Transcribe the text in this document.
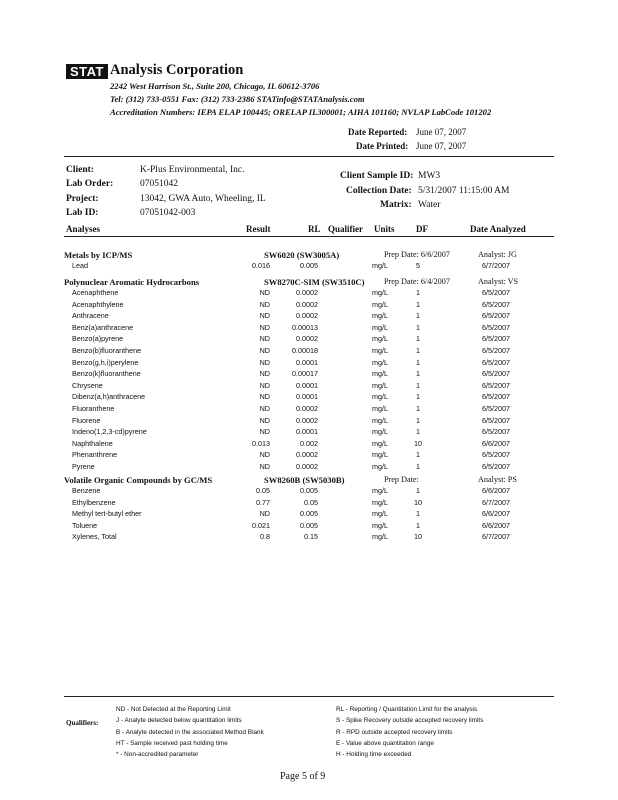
STAT Analysis Corporation
2242 West Harrison St., Suite 200, Chicago, IL 60612-3706
Tel: (312) 733-0551 Fax: (312) 733-2386 STATinfo@STATAnalysis.com
Accreditation Numbers: IEPA ELAP 100445; ORELAP IL300001; AIHA 101160; NVLAP LabCode 101202
Date Reported: June 07, 2007
Date Printed: June 07, 2007
Client:	K-Plus Environmental, Inc.
Lab Order:	07051042
Project:	13042, GWA Auto, Wheeling, IL
Lab ID:	07051042-003
Client Sample ID: MW3
Collection Date: 5/31/2007 11:15:00 AM
Matrix: Water
Analyses	Result	RL Qualifier Units DF	Date Analyzed
Metals by ICP/MS	SW6020 (SW3005A)	Prep Date: 6/6/2007	Analyst: JG
Lead	0.016	0.005	mg/L	5	6/7/2007
Polynuclear Aromatic Hydrocarbons	SW8270C-SIM (SW3510C) Prep Date: 6/4/2007	Analyst: VS
Acenaphthene	ND	0.0002	mg/L	1	6/5/2007
Acenaphthylene	ND	0.0002	mg/L	1	6/5/2007
Anthracene	ND	0.0002	mg/L	1	6/5/2007
Benz(a)anthracene	ND	0.00013	mg/L	1	6/5/2007
Benzo(a)pyrene	ND	0.0002	mg/L	1	6/5/2007
Benzo(b)fluoranthene	ND	0.00018	mg/L	1	6/5/2007
Benzo(g,h,i)perylene	ND	0.0001	mg/L	1	6/5/2007
Benzo(k)fluoranthene	ND	0.00017	mg/L	1	6/5/2007
Chrysene	ND	0.0001	mg/L	1	6/5/2007
Dibenz(a,h)anthracene	ND	0.0001	mg/L	1	6/5/2007
Fluoranthene	ND	0.0002	mg/L	1	6/5/2007
Fluorene	ND	0.0002	mg/L	1	6/5/2007
Indeno(1,2,3-cd)pyrene	ND	0.0001	mg/L	1	6/5/2007
Naphthalene	0.013	0.002	mg/L	10	6/6/2007
Phenanthrene	ND	0.0002	mg/L	1	6/5/2007
Pyrene	ND	0.0002	mg/L	1	6/5/2007
Volatile Organic Compounds by GC/MS	SW8260B (SW5030B)	Prep Date:	Analyst: PS
Benzene	0.05	0.005	mg/L	1	6/6/2007
Ethylbenzene	0.77	0.05	mg/L	10	6/7/2007
Methyl tert-butyl ether	ND	0.005	mg/L	1	6/6/2007
Toluene	0.021	0.005	mg/L	1	6/6/2007
Xylenes, Total	0.8	0.15	mg/L	10	6/7/2007
Qualifiers:
ND - Not Detected at the Reporting Limit
J - Analyte detected below quantitation limits
B - Analyte detected in the associated Method Blank
HT - Sample received past holding time
* - Non-accredited parameter
RL - Reporting / Quantitation Limit for the analysis
S - Spike Recovery outside accepted recovery limits
R - RPD outside accepted recovery limits
E - Value above quantitation range
H - Holding time exceeded
Page 5 of 9
